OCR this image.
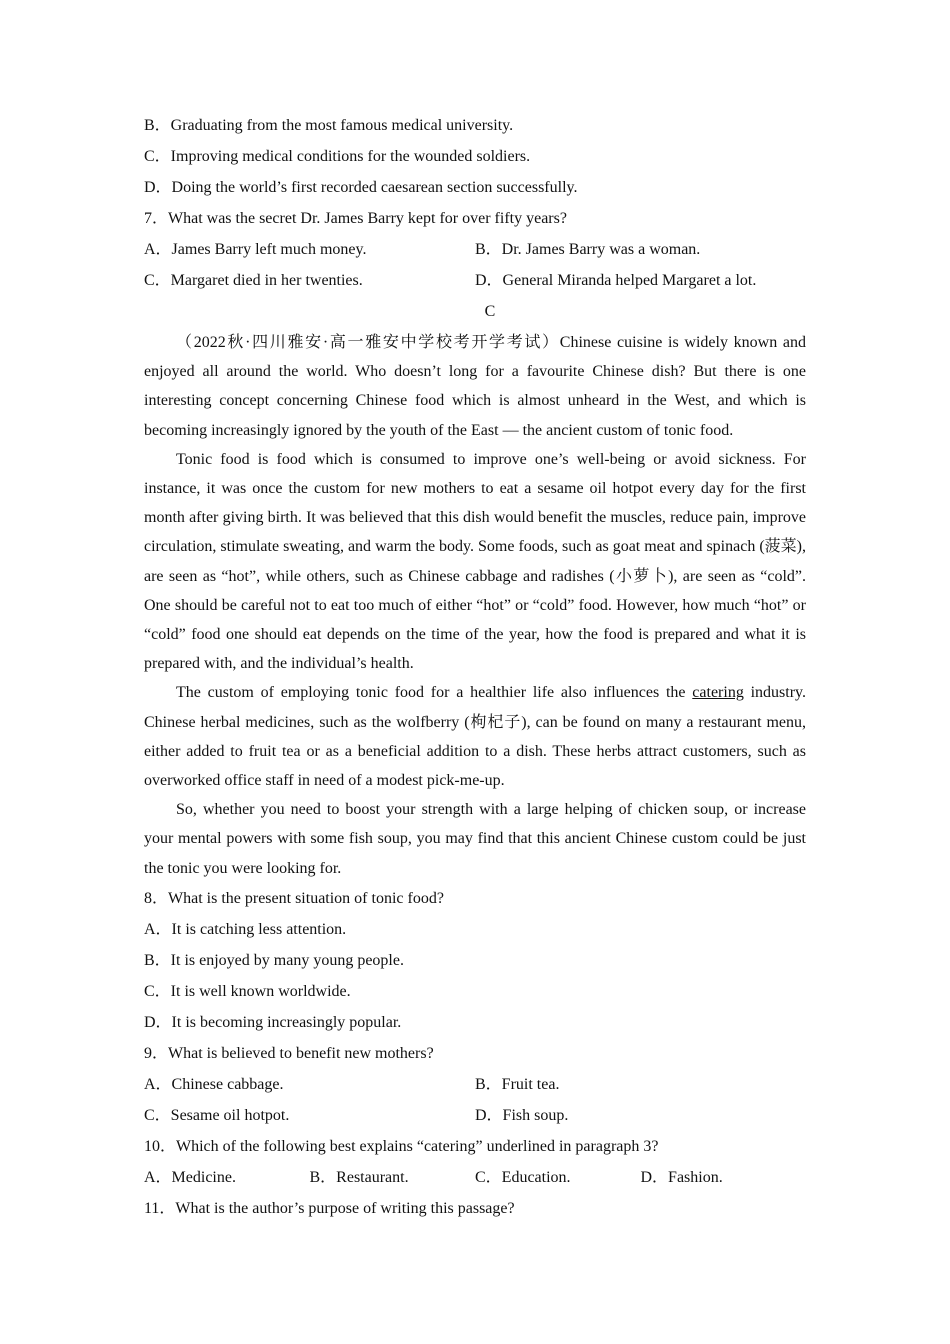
B．Graduating from the most famous medical university.
C．Improving medical conditions for the wounded soldiers.
D．Doing the world’s first recorded caesarean section successfully.
7．What was the secret Dr. James Barry kept for over fifty years?
A．James Barry left much money.	B．Dr. James Barry was a woman.
C．Margaret died in her twenties.	D．General Miranda helped Margaret a lot.
C

（2022秋·四川雅安·高一雅安中学校考开学考试）Chinese cuisine is widely known and enjoyed all around the world. Who doesn’t long for a favourite Chinese dish? But there is one interesting concept concerning Chinese food which is almost unheard in the West, and which is becoming increasingly ignored by the youth of the East — the ancient custom of tonic food.

Tonic food is food which is consumed to improve one’s well-being or avoid sickness. For instance, it was once the custom for new mothers to eat a sesame oil hotpot every day for the first month after giving birth. It was believed that this dish would benefit the muscles, reduce pain, improve circulation, stimulate sweating, and warm the body. Some foods, such as goat meat and spinach (菠菜), are seen as “hot”, while others, such as Chinese cabbage and radishes (小萝卜), are seen as “cold”. One should be careful not to eat too much of either “hot” or “cold” food. However, how much “hot” or “cold” food one should eat depends on the time of the year, how the food is prepared and what it is prepared with, and the individual’s health.

The custom of employing tonic food for a healthier life also influences the catering industry. Chinese herbal medicines, such as the wolfberry (枸杞子), can be found on many a restaurant menu, either added to fruit tea or as a beneficial addition to a dish. These herbs attract customers, such as overworked office staff in need of a modest pick-me-up.

So, whether you need to boost your strength with a large helping of chicken soup, or increase your mental powers with some fish soup, you may find that this ancient Chinese custom could be just the tonic you were looking for.

8．What is the present situation of tonic food?
A．It is catching less attention.
B．It is enjoyed by many young people.
C．It is well known worldwide.
D．It is becoming increasingly popular.
9．What is believed to benefit new mothers?
A．Chinese cabbage.	B．Fruit tea.
C．Sesame oil hotpot.	D．Fish soup.
10．Which of the following best explains “catering” underlined in paragraph 3?
A．Medicine.	B．Restaurant.	C．Education.	D．Fashion.
11．What is the author’s purpose of writing this passage?
